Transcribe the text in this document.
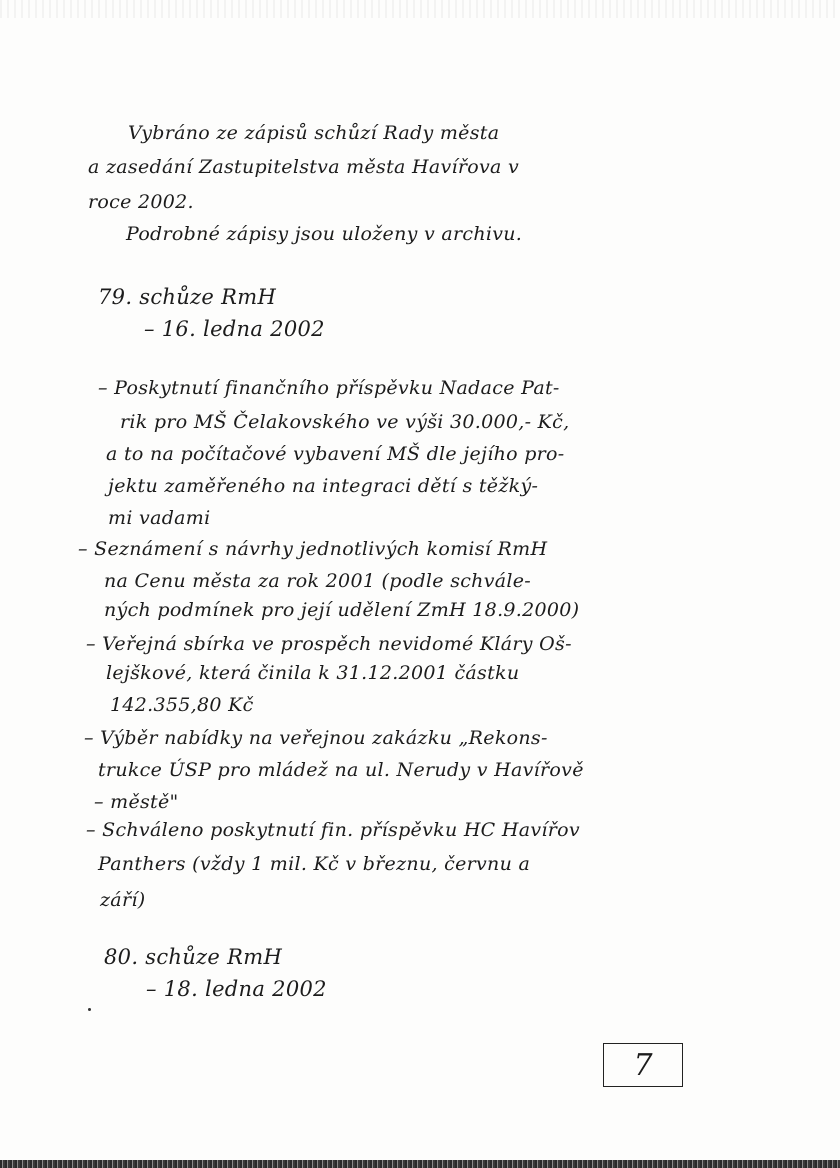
Vybráno ze zápisů schůzí Rady města
a zasedání Zastupitelstva města Havířova v
roce 2002.
Podrobné zápisy jsou uloženy v archivu.
79. schůze RmH
– 16. ledna 2002
– Poskytnutí finančního příspěvku Nadace Pat-
rik pro MŠ Čelakovského ve výši 30.000,- Kč,
a to na počítačové vybavení MŠ dle jejího pro-
jektu zaměřeného na integraci dětí s těžký-
mi vadami
– Seznámení s návrhy jednotlivých komisí RmH
na Cenu města za rok 2001 (podle schvále-
ných podmínek pro její udělení ZmH 18.9.2000)
– Veřejná sbírka ve prospěch nevidomé Kláry Oš-
lejškové, která činila k 31.12.2001 částku
142.355,80 Kč
– Výběr nabídky na veřejnou zakázku „Rekons-
trukce ÚSP pro mládež na ul. Nerudy v Havířově
– městě"
– Schváleno poskytnutí fin. příspěvku HC Havířov
Panthers (vždy 1 mil. Kč v březnu, červnu a
září)
80. schůze RmH
– 18. ledna 2002
7
